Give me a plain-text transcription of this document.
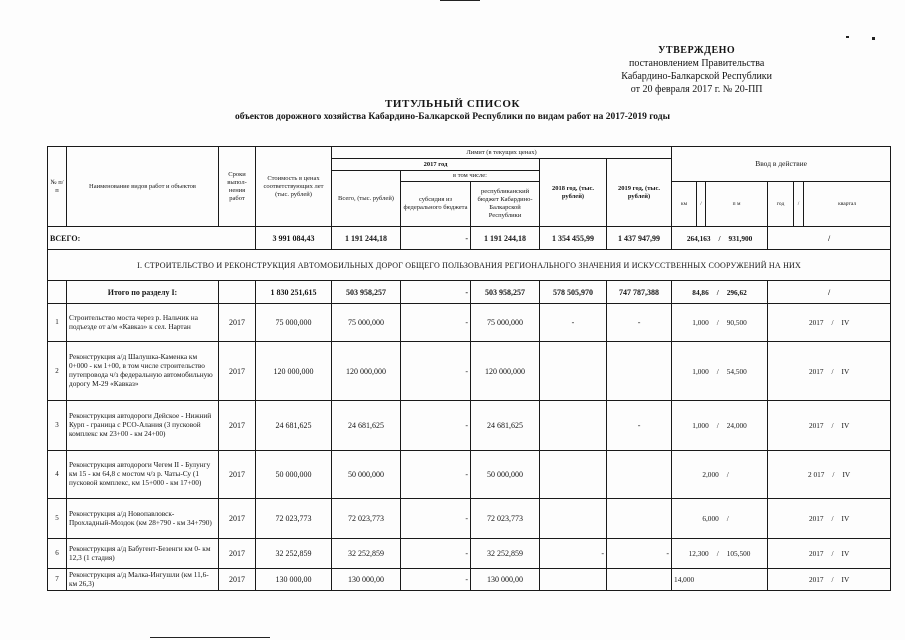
УТВЕРЖДЕНО
постановлением Правительства
Кабардино-Балкарской Республики
от 20 февраля 2017 г. № 20-ПП
ТИТУЛЬНЫЙ СПИСОК
объектов дорожного хозяйства Кабардино-Балкарской Республики по видам работ на 2017-2019 годы
№ п/п	Наименование видов работ и объектов	Сроки выпол- нения работ	Стоимость в ценах соответствующих лет (тыс. рублей)	Лимит (в текущих ценах)					Ввод в действие					
				2017 год			2018 год, (тыс. рублей)	2019 год, (тыс. рублей)						
				Всего, (тыс. рублей)	в том числе:									
					субсидия из федерального бюджета	республиканский бюджет Кабардино- Балкарской Республики			км	/	п м	год	/	квартал
ВСЕГО:			3 991 084,43	1 191 244,18	-	1 191 244,18	1 354 455,99	1 437 947,99	264,163 / 931,900			/		
I. СТРОИТЕЛЬСТВО И РЕКОНСТРУКЦИЯ АВТОМОБИЛЬНЫХ ДОРОГ ОБЩЕГО ПОЛЬЗОВАНИЯ РЕГИОНАЛЬНОГО ЗНАЧЕНИЯ И ИСКУССТВЕННЫХ СООРУЖЕНИЙ НА НИХ														
	Итого по разделу I:		1 830 251,615	503 958,257	-	503 958,257	578 505,970	747 787,388	84,86 / 296,62			/		
1	Строительство моста через р. Нальчик на подъезде от а/м «Кавказ» к сел. Нартан	2017	75 000,000	75 000,000	-	75 000,000	-	-	1,000 / 90,500			2017 / IV		
2	Реконструкция а/д Шалушка-Каменка км 0+000 - км 1+00, в том числе строительство путепровода ч/з федеральную автомобильную дорогу М-29 «Кавказ»	2017	120 000,000	120 000,000	-	120 000,000			1,000 / 54,500			2017 / IV		
3	Реконструкция автодороги Дейское - Нижний Курп - граница с РСО-Алания (3 пусковой комплекс км 23+00 - км 24+00)	2017	24 681,625	24 681,625	-	24 681,625		-	1,000 / 24,000			2017 / IV		
4	Реконструкция автодороги Чегем II - Булунгу км 15 - км 64,8 с мостом ч/з р. Чаты-Су (1 пусковой комплекс, км 15+000 - км 17+00)	2017	50 000,000	50 000,000	-	50 000,000			2,000 /			2 017 / IV		
5	Реконструкция а/д Новопавловск-Прохладный-Моздок (км 28+790 - км 34+790)	2017	72 023,773	72 023,773	-	72 023,773			6,000 /			2017 / IV		
6	Реконструкция а/д Бабугент-Безенги км 0- км 12,3 (1 стадия)	2017	32 252,859	32 252,859	-	32 252,859	-	-	12,300 / 105,500			2017 / IV		
7	Реконструкция а/д Малка-Ингушли (км 11,6- км 26,3)	2017	130 000,00	130 000,00	-	130 000,00			14,000			2017 / IV		
